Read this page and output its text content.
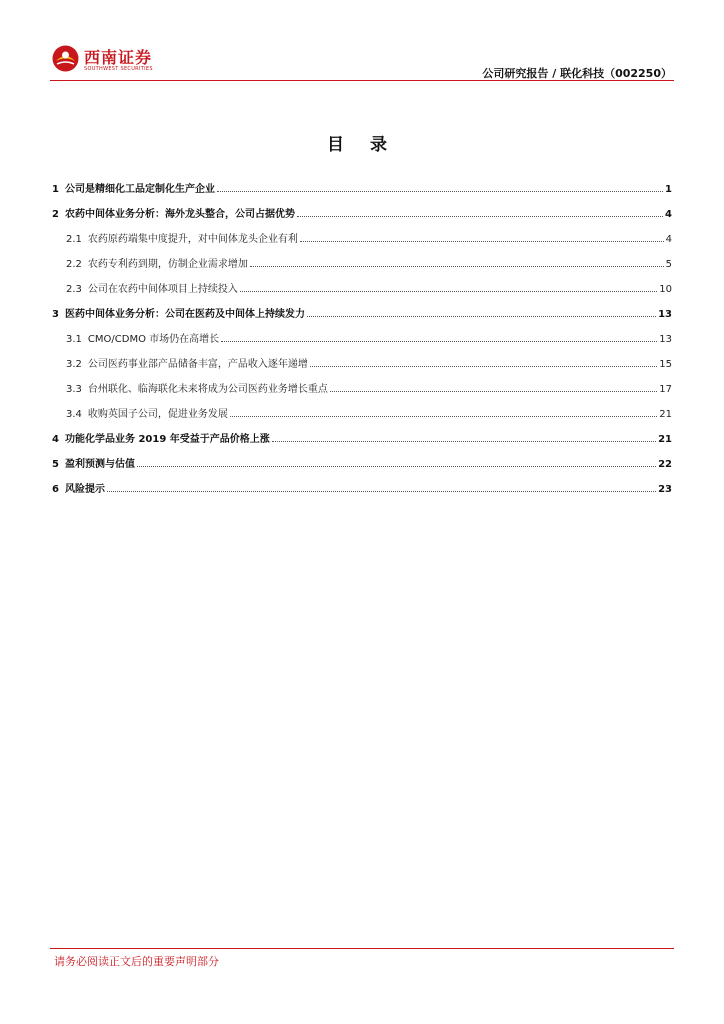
西南证券
SOUTHWEST SECURITIES	公司研究报告 / 联化科技（002250）
目 录
1 公司是精细化工品定制化生产企业	1
2 农药中间体业务分析：海外龙头整合，公司占据优势	4
2.1 农药原药端集中度提升，对中间体龙头企业有利	4
2.2 农药专利药到期，仿制企业需求增加	5
2.3 公司在农药中间体项目上持续投入	10
3 医药中间体业务分析：公司在医药及中间体上持续发力	13
3.1 CMO/CDMO 市场仍在高增长	13
3.2 公司医药事业部产品储备丰富，产品收入逐年递增	15
3.3 台州联化、临海联化未来将成为公司医药业务增长重点	17
3.4 收购英国子公司，促进业务发展	21
4 功能化学品业务 2019 年受益于产品价格上涨	21
5 盈利预测与估值	22
6 风险提示	23
请务必阅读正文后的重要声明部分
